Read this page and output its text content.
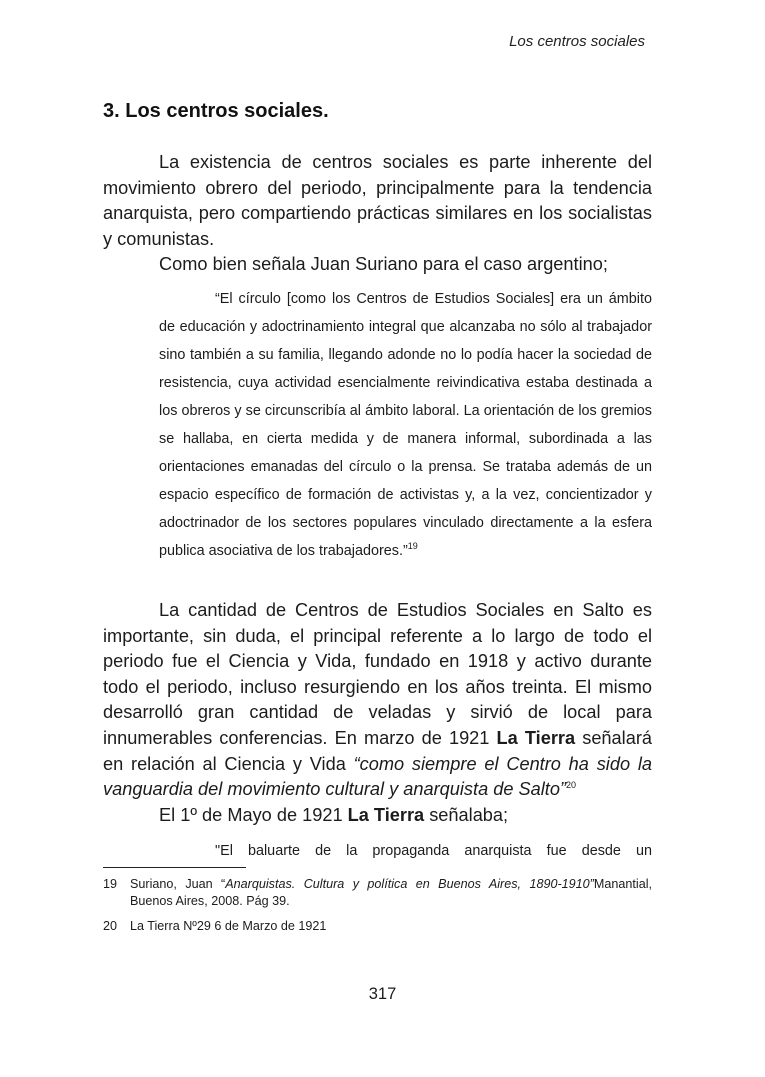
Los centros sociales
3. Los centros sociales.

La existencia de centros sociales es parte inherente del movimiento obrero del periodo, principalmente para la tendencia anarquista, pero compartiendo prácticas similares en los socialistas y comunistas.

Como bien señala Juan Suriano para el caso argentino;

“El círculo [como los Centros de Estudios Sociales] era un ámbito de educación y adoctrinamiento integral que alcanzaba no sólo al trabajador sino también a su familia, llegando adonde no lo podía hacer la sociedad de resistencia, cuya actividad esencialmente reivindicativa estaba destinada a los obreros y se circunscribía al ámbito laboral. La orientación de los gremios se hallaba, en cierta medida y de manera informal, subordinada a las orientaciones emanadas del círculo o la prensa. Se trataba además de un espacio específico de formación de activistas y, a la vez, concientizador y adoctrinador de los sectores populares vinculado directamente a la esfera publica asociativa de los trabajadores.”$^{19}$

La cantidad de Centros de Estudios Sociales en Salto es importante, sin duda, el principal referente a lo largo de todo el periodo fue el Ciencia y Vida, fundado en 1918 y activo durante todo el periodo, incluso resurgiendo en los años treinta. El mismo desarrolló gran cantidad de veladas y sirvió de local para innumerables conferencias. En marzo de 1921 La Tierra señalará en relación al Ciencia y Vida “como siempre el Centro ha sido la vanguardia del movimiento cultural y anarquista de Salto”$^{20}$

El 1º de Mayo de 1921 La Tierra señalaba;

"El baluarte de la propaganda anarquista fue desde un

19 Suriano, Juan “Anarquistas. Cultura y política en Buenos Aires, 1890-1910”Manantial, Buenos Aires, 2008. Pág 39.
20 La Tierra Nº29 6 de Marzo de 1921
317
